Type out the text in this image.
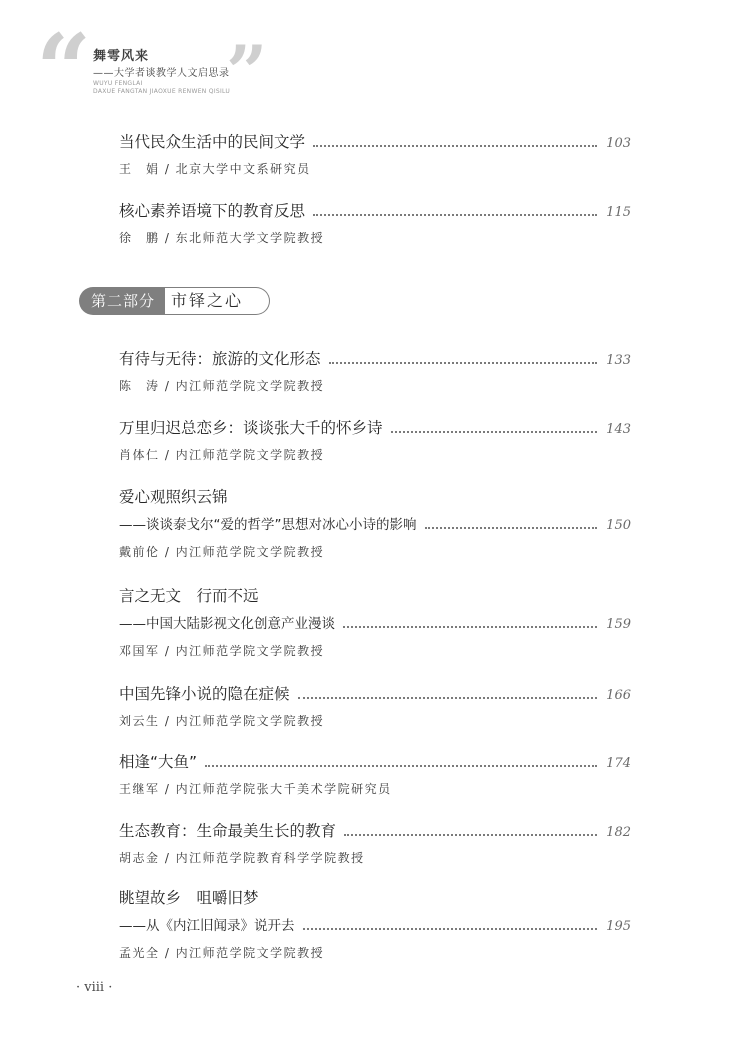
“ 舞雩风来
——大学者谈教学人文启思录
WUYU FENGLAI
DAXUE FANGTAN JIAOXUE RENWEN QISILU
”
当代民众生活中的民间文学	103
王　娟 / 北京大学中文系研究员
核心素养语境下的教育反思	115
徐　鹏 / 东北师范大学文学院教授
第二部分	市铎之心
有待与无待：旅游的文化形态	133
陈　涛 / 内江师范学院文学院教授
万里归迟总恋乡：谈谈张大千的怀乡诗	143
肖体仁 / 内江师范学院文学院教授
爱心观照织云锦
——谈谈泰戈尔“爱的哲学”思想对冰心小诗的影响	150
戴前伦 / 内江师范学院文学院教授
言之无文　行而不远
——中国大陆影视文化创意产业漫谈	159
邓国军 / 内江师范学院文学院教授
中国先锋小说的隐在症候	166
刘云生 / 内江师范学院文学院教授
相逢“大鱼”	174
王继军 / 内江师范学院张大千美术学院研究员
生态教育：生命最美生长的教育	182
胡志金 / 内江师范学院教育科学学院教授
眺望故乡　咀嚼旧梦
——从《内江旧闻录》说开去	195
孟光全 / 内江师范学院文学院教授
· viii ·
